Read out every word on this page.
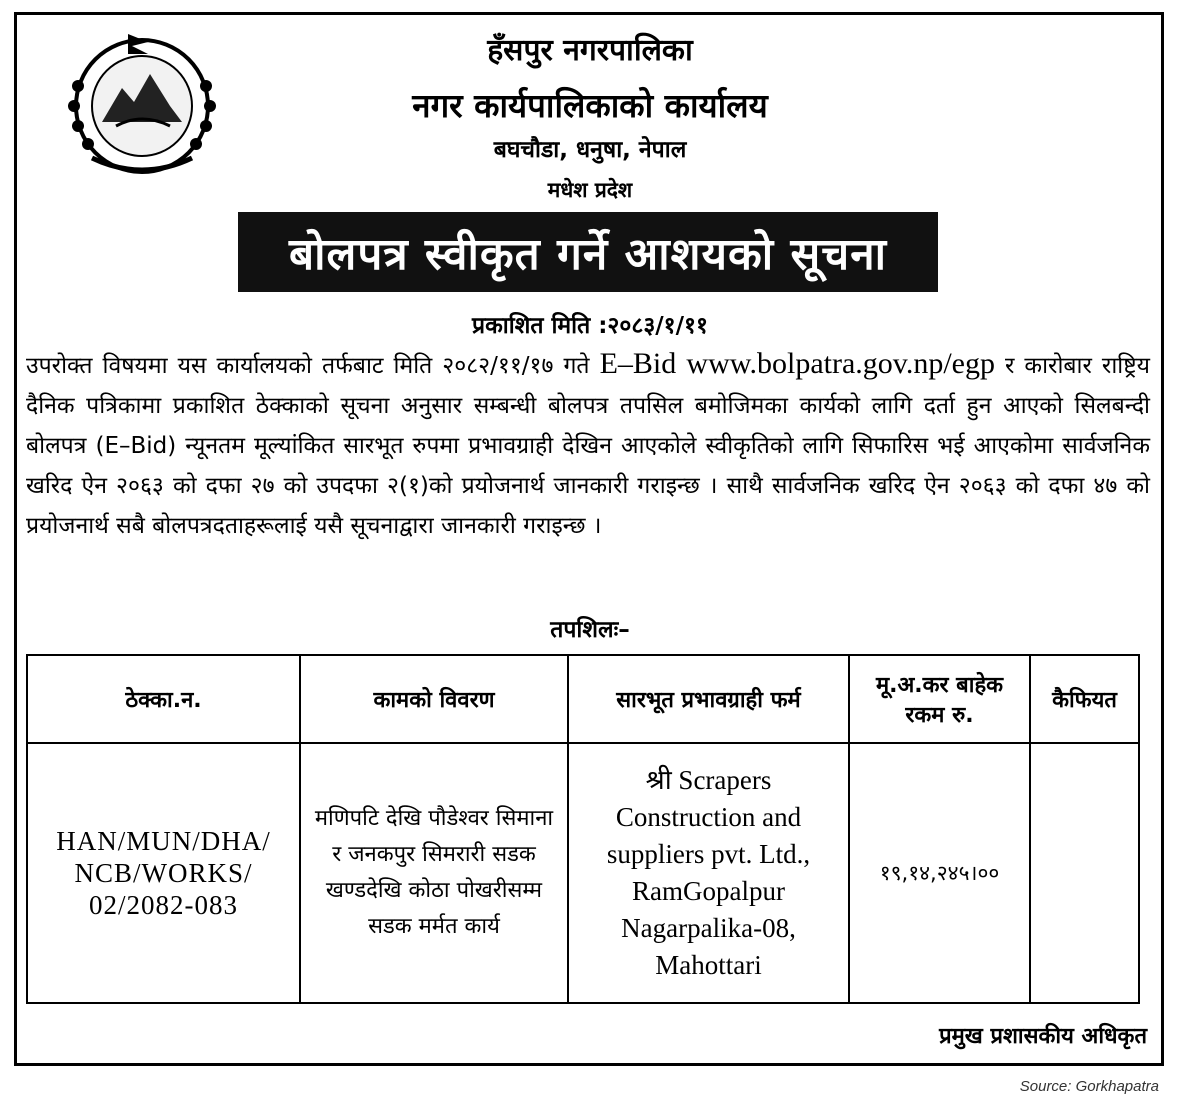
हँसपुर नगरपालिका
नगर कार्यपालिकाको कार्यालय
बघचौडा, धनुषा, नेपाल
मधेश प्रदेश
बोलपत्र स्वीकृत गर्ने आशयको सूचना
प्रकाशित मिति :२०८३/१/११
उपरोक्त विषयमा यस कार्यालयको तर्फबाट मिति २०८२/११/१७ गते E–Bid www.bolpatra.gov.np/egp र कारोबार राष्ट्रिय दैनिक पत्रिकामा प्रकाशित ठेक्काको सूचना अनुसार सम्बन्धी बोलपत्र तपसिल बमोजिमका कार्यको लागि दर्ता हुन आएको सिलबन्दी बोलपत्र (E–Bid) न्यूनतम मूल्यांकित सारभूत रुपमा प्रभावग्राही देखिन आएकोले स्वीकृतिको लागि सिफारिस भई आएकोमा सार्वजनिक खरिद ऐन २०६३ को दफा २७ को उपदफा २(१)को प्रयोजनार्थ जानकारी गराइन्छ । साथै सार्वजनिक खरिद ऐन २०६३ को दफा ४७ को प्रयोजनार्थ सबै बोलपत्रदताहरूलाई यसै सूचनाद्वारा जानकारी गराइन्छ ।
तपशिलः–
ठेक्का.न.	कामको विवरण	सारभूत प्रभावग्राही फर्म	मू.अ.कर बाहेक रकम रु.	कैफियत
HAN/MUN/DHA/ NCB/WORKS/ 02/2082-083	मणिपटि देखि पौडेश्वर सिमाना र जनकपुर सिमरारी सडक खण्डदेखि कोठा पोखरीसम्म सडक मर्मत कार्य	श्री Scrapers Construction and suppliers pvt. Ltd., RamGopalpur Nagarpalika-08, Mahottari	१९,१४,२४५।००	
प्रमुख प्रशासकीय अधिकृत
Source: Gorkhapatra
